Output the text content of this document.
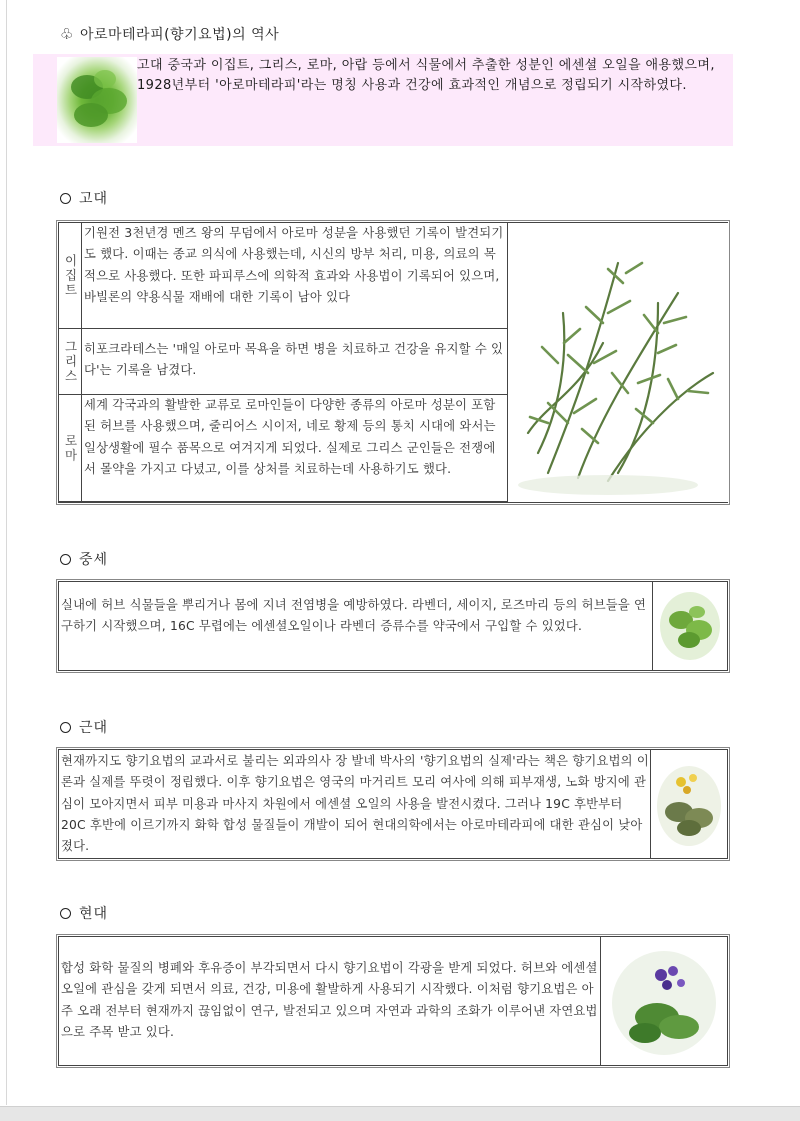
♧ 아로마테라피(향기요법)의 역사
고대 중국과 이집트, 그리스, 로마, 아랍 등에서 식물에서 추출한 성분인 에센셜 오일을 애용했으며, 1928년부터 '아로마테라피'라는 명칭 사용과 건강에 효과적인 개념으로 정립되기 시작하였다.
고대
이집트
기원전 3천년경 멘즈 왕의 무덤에서 아로마 성분을 사용했던 기록이 발견되기도 했다. 이때는 종교 의식에 사용했는데, 시신의 방부 처리, 미용, 의료의 목적으로 사용했다. 또한 파피루스에 의학적 효과와 사용법이 기록되어 있으며, 바빌론의 약용식물 재배에 대한 기록이 남아 있다
그리스 히포크라테스는 '매일 아로마 목욕을 하면 병을 치료하고 건강을 유지할 수 있다'는 기록을 남겼다.
로마
세계 각국과의 활발한 교류로 로마인들이 다양한 종류의 아로마 성분이 포함된 허브를 사용했으며, 줄리어스 시이저, 네로 황제 등의 통치 시대에 와서는 일상생활에 필수 품목으로 여겨지게 되었다. 실제로 그리스 군인들은 전쟁에서 몰약을 가지고 다녔고, 이를 상처를 치료하는데 사용하기도 했다.
중세
실내에 허브 식물들을 뿌리거나 몸에 지녀 전염병을 예방하였다. 라벤더, 세이지, 로즈마리 등의 허브들을 연구하기 시작했으며, 16C 무렵에는 에센셜오일이나 라벤더 증류수를 약국에서 구입할 수 있었다.
근대
현재까지도 향기요법의 교과서로 불리는 외과의사 장 발네 박사의 '향기요법의 실제'라는 책은 향기요법의 이론과 실제를 뚜렷이 정립했다. 이후 향기요법은 영국의 마거리트 모리 여사에 의해 피부재생, 노화 방지에 관심이 모아지면서 피부 미용과 마사지 차원에서 에센셜 오일의 사용을 발전시켰다. 그러나 19C 후반부터 20C 후반에 이르기까지 화학 합성 물질들이 개발이 되어 현대의학에서는 아로마테라피에 대한 관심이 낮아졌다.
현대
합성 화학 물질의 병폐와 후유증이 부각되면서 다시 향기요법이 각광을 받게 되었다. 허브와 에센셜오일에 관심을 갖게 되면서 의료, 건강, 미용에 활발하게 사용되기 시작했다. 이처럼 향기요법은 아주 오래 전부터 현재까지 끊임없이 연구, 발전되고 있으며 자연과 과학의 조화가 이루어낸 자연요법으로 주목 받고 있다.
